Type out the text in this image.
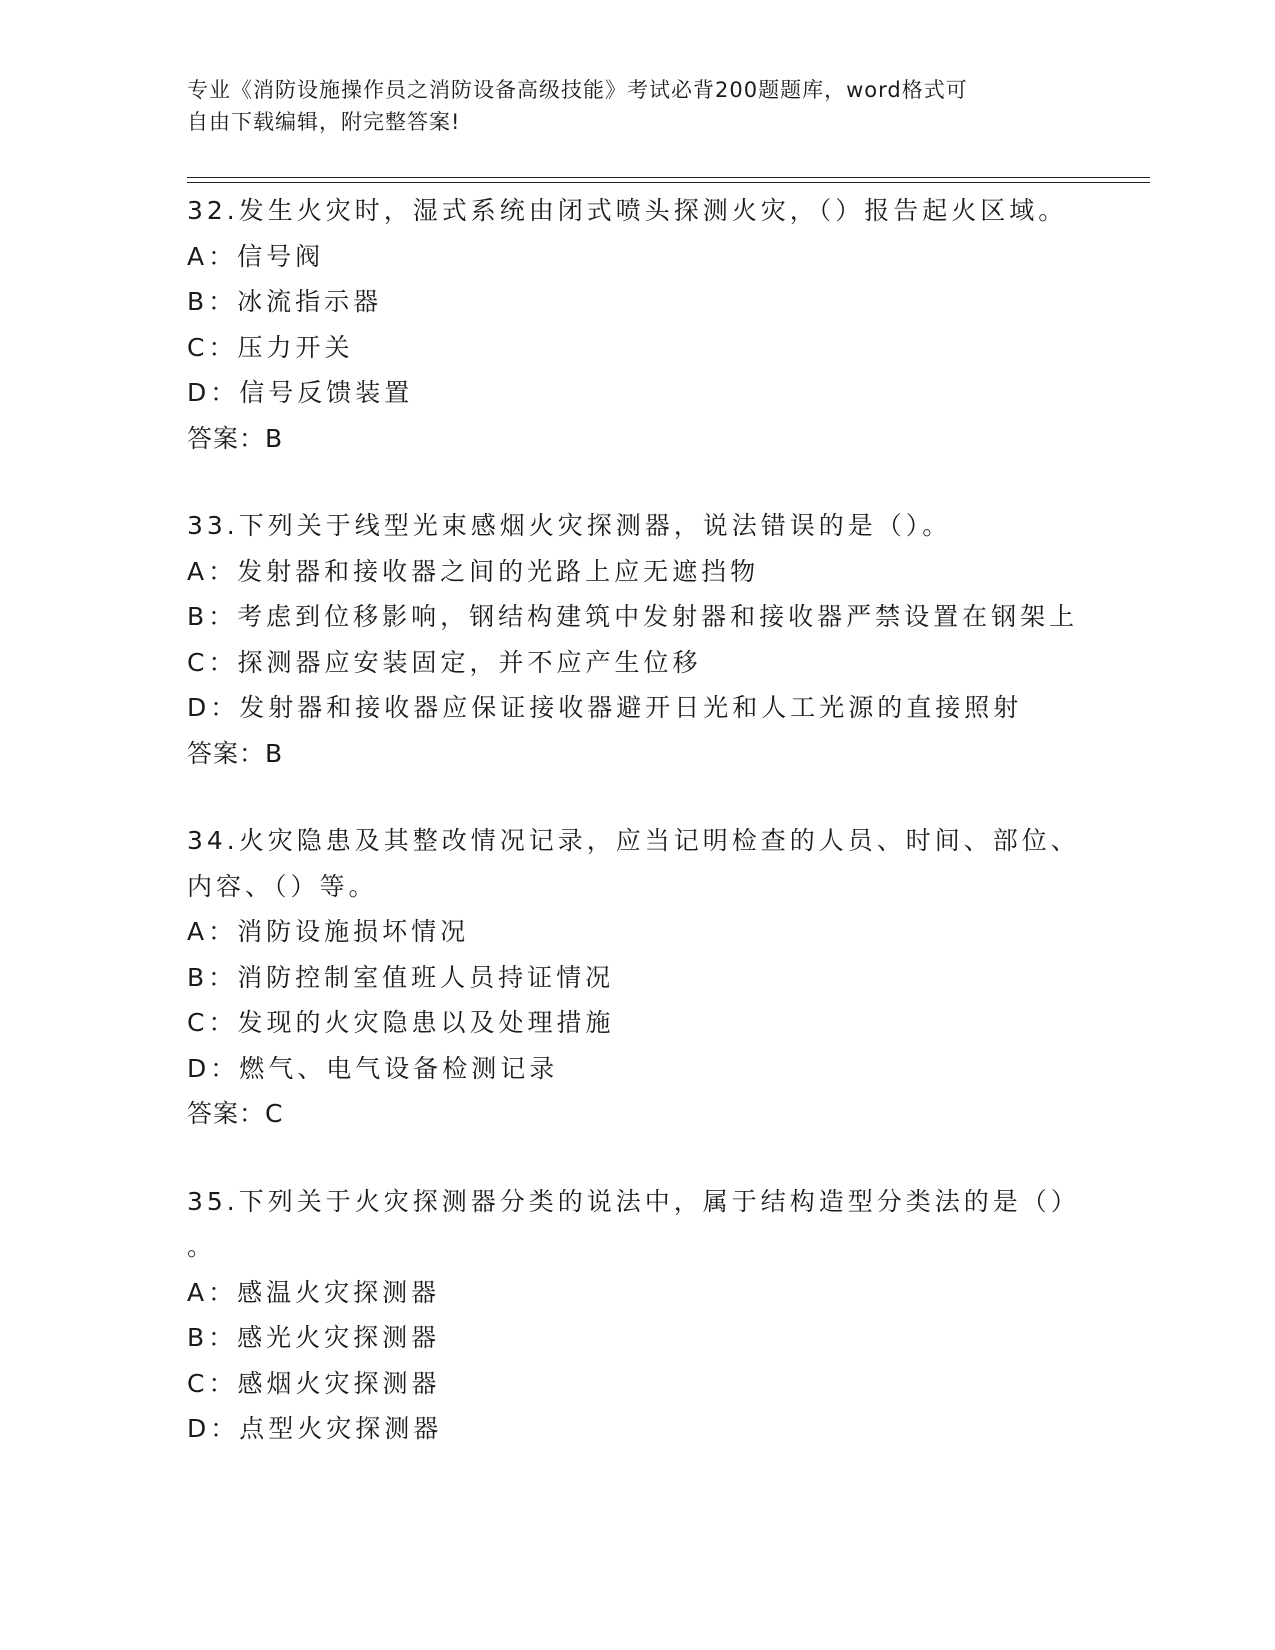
专业《消防设施操作员之消防设备高级技能》考试必背200题题库，word格式可
自由下载编辑，附完整答案!
32.发生火灾时，湿式系统由闭式喷头探测火灾，（）报告起火区域。
A：信号阀
B：冰流指示器
C：压力开关
D：信号反馈装置
答案：B
33.下列关于线型光束感烟火灾探测器，说法错误的是（）。
A：发射器和接收器之间的光路上应无遮挡物
B：考虑到位移影响，钢结构建筑中发射器和接收器严禁设置在钢架上
C：探测器应安装固定，并不应产生位移
D：发射器和接收器应保证接收器避开日光和人工光源的直接照射
答案：B
34.火灾隐患及其整改情况记录，应当记明检查的人员、时间、部位、
内容、（）等。
A：消防设施损坏情况
B：消防控制室值班人员持证情况
C：发现的火灾隐患以及处理措施
D：燃气、电气设备检测记录
答案：C
35.下列关于火灾探测器分类的说法中，属于结构造型分类法的是（）
。
A：感温火灾探测器
B：感光火灾探测器
C：感烟火灾探测器
D：点型火灾探测器
